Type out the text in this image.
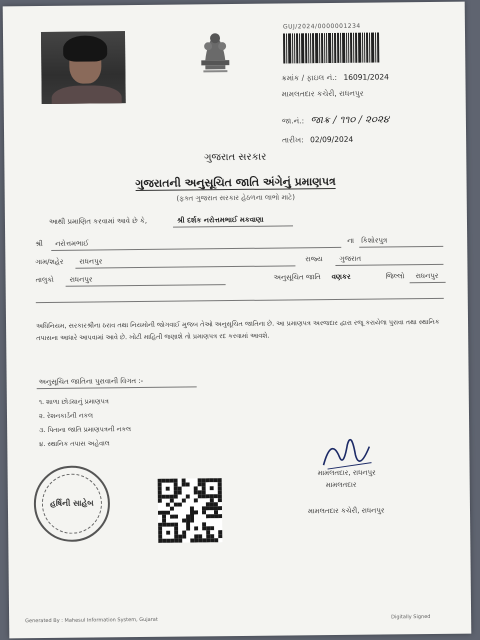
GUJ/2024/0000001234
ક્રમાંક / ફાઇલ નં.: 16091/2024
મામલતદાર કચેરી, રાધનપુર
જા.નં.: જાક્ર / ૧૧૦ / ૨૦૨૪
તારીખ: 02/09/2024
ગુજરાત સરકાર
ગુજરાતની અનુસૂચિત જાતિ અંગેનું પ્રમાણપત્ર
(ફક્ત ગુજરાત સરકાર હેઠળના લાભો માટે)
આથી પ્રમાણિત કરવામાં આવે છે કે,	શ્રી દર્શક નરોત્તમભાઈ મકવાણા
શ્રી નરોત્તમભાઈ	ના કિશોરપુત્ર
ગામ/શહેર રાધનપુર	રાજ્ય ગુજરાત
તાલુકો રાધનપુર	અનુસૂચિત જાતિ વણકર	જિલ્લો રાધનપુર
અધિનિયમ, સરકારશ્રીના ઠરાવ તથા નિયમોની જોગવાઈ મુજબ તેઓ અનુસૂચિત જાતિના છે. આ પ્રમાણપત્ર અરજદાર દ્વારા રજૂ કરાયેલા પુરાવા તથા સ્થાનિક તપાસના આધારે આપવામાં આવે છે. ખોટી માહિતી જણાશે તો પ્રમાણપત્ર રદ કરવામાં આવશે.
અનુસૂચિત જાતિના પુરાવાની વિગત :-
૧. શાળા છોડ્યાનું પ્રમાણપત્ર
૨. રેશનકાર્ડની નકલ
૩. પિતાના જાતિ પ્રમાણપત્રની નકલ
૪. સ્થાનિક તપાસ અહેવાલ
હર્ષિની સાહેબ
મામલતદાર, રાધનપુર
મામલતદાર
મામલતદાર કચેરી, રાધનપુર
Generated By : Mahesul Information System, Gujarat	Digitally Signed
